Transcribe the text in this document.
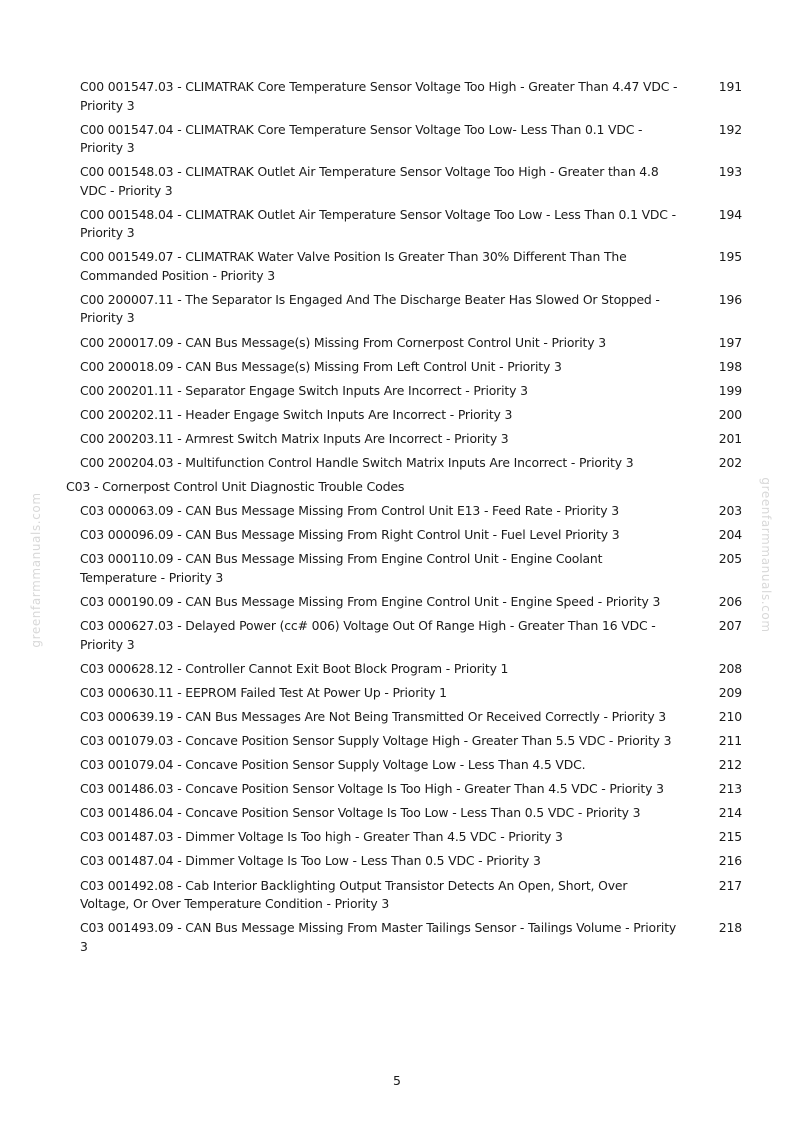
C00 001547.03 - CLIMATRAK Core Temperature Sensor Voltage Too High - Greater Than 4.47 VDC - Priority 3
191
C00 001547.04 - CLIMATRAK Core Temperature Sensor Voltage Too Low- Less Than 0.1 VDC - Priority 3
192
C00 001548.03 - CLIMATRAK Outlet Air Temperature Sensor Voltage Too High - Greater than 4.8 VDC - Priority 3
193
C00 001548.04 - CLIMATRAK Outlet Air Temperature Sensor Voltage Too Low - Less Than 0.1 VDC - Priority 3
194
C00 001549.07 - CLIMATRAK Water Valve Position Is Greater Than 30% Different Than The Commanded Position - Priority 3
195
C00 200007.11 - The Separator Is Engaged And The Discharge Beater Has Slowed Or Stopped - Priority 3
196
C00 200017.09 - CAN Bus Message(s) Missing From Cornerpost Control Unit - Priority 3	197
C00 200018.09 - CAN Bus Message(s) Missing From Left Control Unit - Priority 3	198
C00 200201.11 - Separator Engage Switch Inputs Are Incorrect - Priority 3	199
C00 200202.11 - Header Engage Switch Inputs Are Incorrect - Priority 3	200
C00 200203.11 - Armrest Switch Matrix Inputs Are Incorrect - Priority 3	201
C00 200204.03 - Multifunction Control Handle Switch Matrix Inputs Are Incorrect - Priority 3	202
C03 - Cornerpost Control Unit Diagnostic Trouble Codes
C03 000063.09 - CAN Bus Message Missing From Control Unit E13 - Feed Rate - Priority 3	203
C03 000096.09 - CAN Bus Message Missing From Right Control Unit - Fuel Level Priority 3	204
C03 000110.09 - CAN Bus Message Missing From Engine Control Unit - Engine Coolant Temperature - Priority 3
205
C03 000190.09 - CAN Bus Message Missing From Engine Control Unit - Engine Speed - Priority 3	206
C03 000627.03 - Delayed Power (cc# 006) Voltage Out Of Range High - Greater Than 16 VDC - Priority 3
207
C03 000628.12 - Controller Cannot Exit Boot Block Program - Priority 1	208
C03 000630.11 - EEPROM Failed Test At Power Up - Priority 1	209
C03 000639.19 - CAN Bus Messages Are Not Being Transmitted Or Received Correctly - Priority 3	210
C03 001079.03 - Concave Position Sensor Supply Voltage High - Greater Than 5.5 VDC - Priority 3	211
C03 001079.04 - Concave Position Sensor Supply Voltage Low - Less Than 4.5 VDC.	212
C03 001486.03 - Concave Position Sensor Voltage Is Too High - Greater Than 4.5 VDC - Priority 3	213
C03 001486.04 - Concave Position Sensor Voltage Is Too Low - Less Than 0.5 VDC - Priority 3	214
C03 001487.03 - Dimmer Voltage Is Too high - Greater Than 4.5 VDC - Priority 3	215
C03 001487.04 - Dimmer Voltage Is Too Low - Less Than 0.5 VDC - Priority 3	216
C03 001492.08 - Cab Interior Backlighting Output Transistor Detects An Open, Short, Over Voltage, Or Over Temperature Condition - Priority 3
217
C03 001493.09 - CAN Bus Message Missing From Master Tailings Sensor - Tailings Volume - Priority 3
218
greenfarmmanuals.com	greenfarmmanuals.com
5
